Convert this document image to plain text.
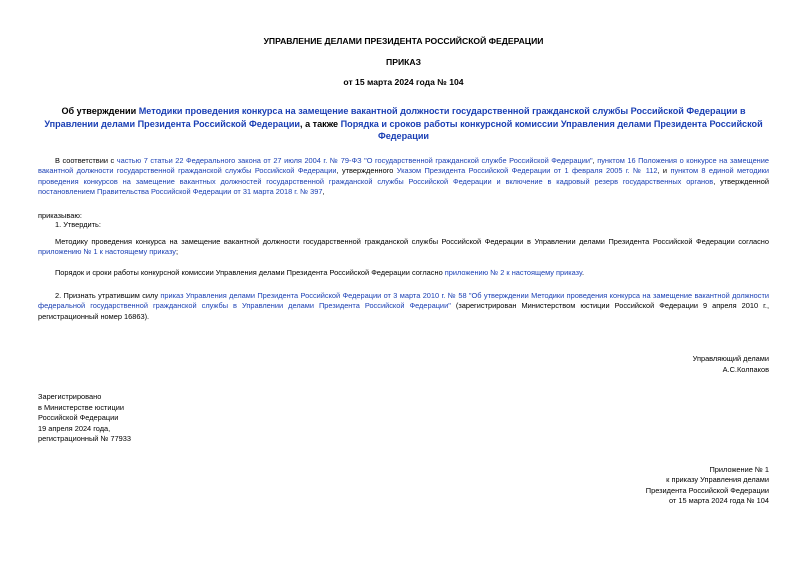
УПРАВЛЕНИЕ ДЕЛАМИ ПРЕЗИДЕНТА РОССИЙСКОЙ ФЕДЕРАЦИИ
ПРИКАЗ
от 15 марта 2024 года № 104
Об утверждении Методики проведения конкурса на замещение вакантной должности государственной гражданской службы Российской Федерации в Управлении делами Президента Российской Федерации, а также Порядка и сроков работы конкурсной комиссии Управления делами Президента Российской Федерации
В соответствии с частью 7 статьи 22 Федерального закона от 27 июля 2004 г. № 79-ФЗ "О государственной гражданской службе Российской Федерации", пунктом 16 Положения о конкурсе на замещение вакантной должности государственной гражданской службы Российской Федерации, утвержденного Указом Президента Российской Федерации от 1 февраля 2005 г. № 112, и пунктом 8 единой методики проведения конкурсов на замещение вакантных должностей государственной гражданской службы Российской Федерации и включение в кадровый резерв государственных органов, утвержденной постановлением Правительства Российской Федерации от 31 марта 2018 г. № 397,
приказываю:
1. Утвердить:
Методику проведения конкурса на замещение вакантной должности государственной гражданской службы Российской Федерации в Управлении делами Президента Российской Федерации согласно приложению № 1 к настоящему приказу;
Порядок и сроки работы конкурсной комиссии Управления делами Президента Российской Федерации согласно приложению № 2 к настоящему приказу.
2. Признать утратившим силу приказ Управления делами Президента Российской Федерации от 3 марта 2010 г. № 58 "Об утверждении Методики проведения конкурса на замещение вакантной должности федеральной государственной гражданской службы в Управлении делами Президента Российской Федерации" (зарегистрирован Министерством юстиции Российской Федерации 9 апреля 2010 г., регистрационный номер 16863).
Управляющий делами
А.С.Колпаков
Зарегистрировано
в Министерстве юстиции
Российской Федерации
19 апреля 2024 года,
регистрационный № 77933
Приложение № 1
к приказу Управления делами
Президента Российской Федерации
от 15 марта 2024 года № 104
